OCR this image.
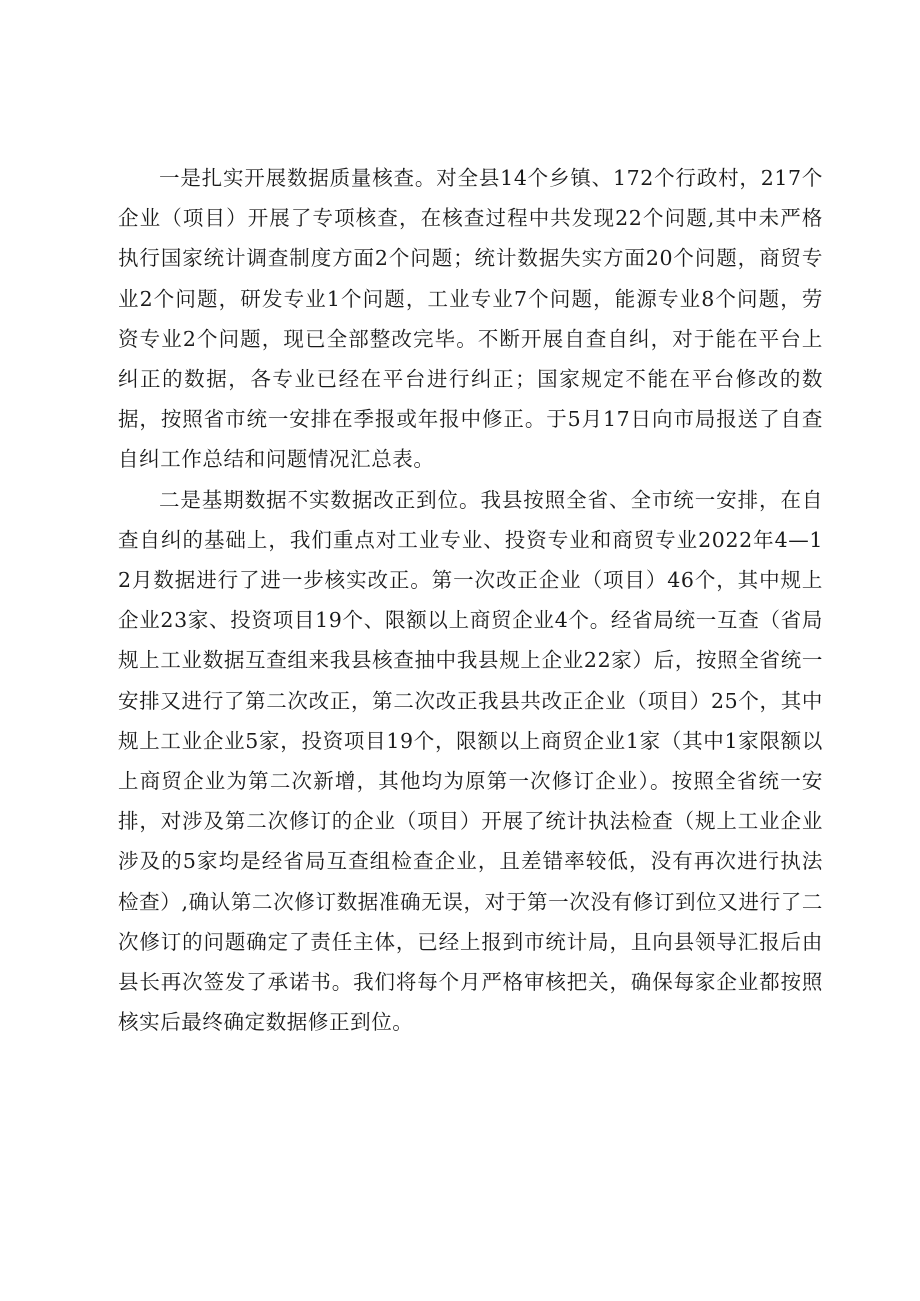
一是扎实开展数据质量核查。对全县14个乡镇、172个行政村，217个企业（项目）开展了专项核查，在核查过程中共发现22个问题,其中未严格执行国家统计调查制度方面2个问题；统计数据失实方面20个问题，商贸专业2个问题，研发专业1个问题，工业专业7个问题，能源专业8个问题，劳资专业2个问题，现已全部整改完毕。不断开展自查自纠，对于能在平台上纠正的数据，各专业已经在平台进行纠正；国家规定不能在平台修改的数据，按照省市统一安排在季报或年报中修正。于5月17日向市局报送了自查自纠工作总结和问题情况汇总表。

二是基期数据不实数据改正到位。我县按照全省、全市统一安排，在自查自纠的基础上，我们重点对工业专业、投资专业和商贸专业2022年4—12月数据进行了进一步核实改正。第一次改正企业（项目）46个，其中规上企业23家、投资项目19个、限额以上商贸企业4个。经省局统一互查（省局规上工业数据互查组来我县核查抽中我县规上企业22家）后，按照全省统一安排又进行了第二次改正，第二次改正我县共改正企业（项目）25个，其中规上工业企业5家，投资项目19个，限额以上商贸企业1家（其中1家限额以上商贸企业为第二次新增，其他均为原第一次修订企业）。按照全省统一安排，对涉及第二次修订的企业（项目）开展了统计执法检查（规上工业企业涉及的5家均是经省局互查组检查企业，且差错率较低，没有再次进行执法检查）,确认第二次修订数据准确无误，对于第一次没有修订到位又进行了二次修订的问题确定了责任主体，已经上报到市统计局，且向县领导汇报后由县长再次签发了承诺书。我们将每个月严格审核把关，确保每家企业都按照核实后最终确定数据修正到位。
